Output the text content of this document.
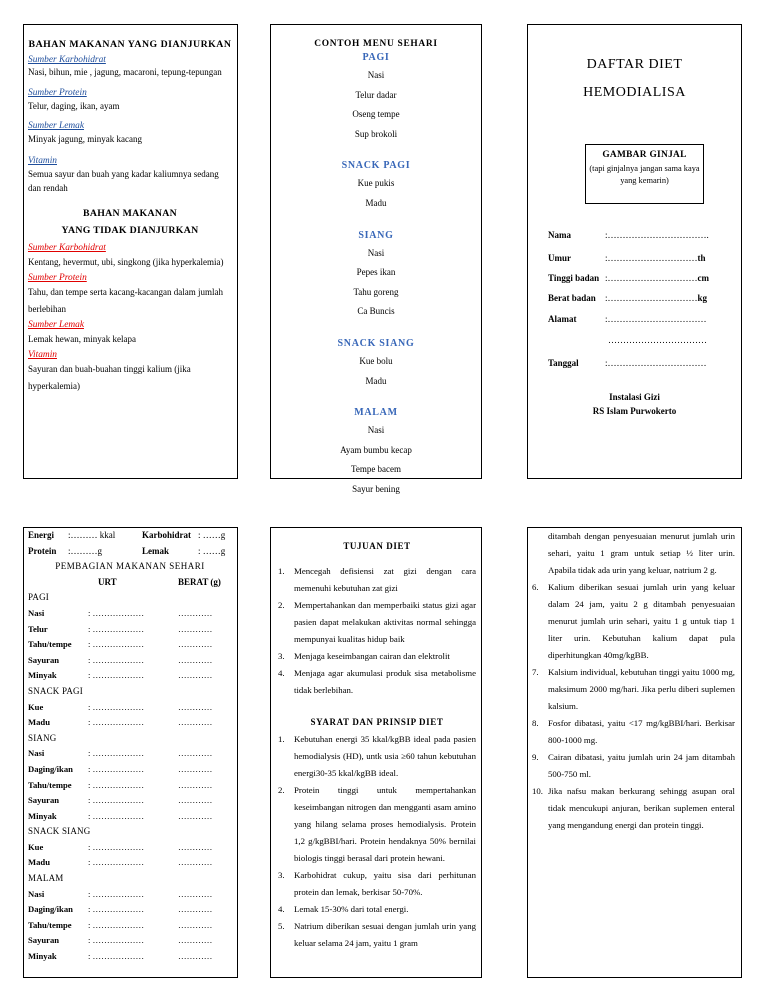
BAHAN MAKANAN YANG DIANJURKAN
Sumber Karbohidrat
Nasi, bihun, mie , jagung, macaroni, tepung-tepungan
Sumber Protein
Telur, daging, ikan, ayam
Sumber Lemak
Minyak jagung, minyak kacang
Vitamin
Semua sayur dan buah yang kadar kaliumnya sedang dan rendah
BAHAN MAKANAN
YANG TIDAK DIANJURKAN
Sumber Karbohidrat
Kentang, hevermut, ubi, singkong (jika hyperkalemia)
Sumber Protein
Tahu, dan tempe serta kacang-kacangan dalam jumlah berlebihan
Sumber Lemak
Lemak hewan, minyak kelapa
Vitamin
Sayuran dan buah-buahan tinggi kalium (jika hyperkalemia)
CONTOH MENU SEHARI
PAGI
Nasi
Telur dadar
Oseng tempe
Sup brokoli
SNACK PAGI
Kue pukis
Madu
SIANG
Nasi
Pepes ikan
Tahu goreng
Ca Buncis
SNACK SIANG
Kue bolu
Madu
MALAM
Nasi
Ayam bumbu kecap
Tempe bacem
Sayur bening
DAFTAR DIET
HEMODIALISA
GAMBAR GINJAL
(tapi ginjalnya jangan sama kaya yang kemarin)
Nama	:…………………………….
Umur	:…………………………th
Tinggi badan :…………………………cm
Berat badan :…………………………kg
Alamat	:……………………………
……………………………
Tanggal	:……………………………
Instalasi Gizi
RS Islam Purwokerto
Energi :……… kkal	Karbohidrat : ……g
Protein :………g	Lemak	: ……g
PEMBAGIAN MAKANAN SEHARI
URT	BERAT (g)
PAGI
Nasi	: ………………	…………
Telur	: ………………	…………
Tahu/tempe : ………………	…………
Sayuran	: ………………	…………
Minyak	: ………………	…………
SNACK PAGI
Kue	: ………………	…………
Madu	: ………………	…………
SIANG
Nasi	: ………………	…………
Daging/ikan : ………………	…………
Tahu/tempe : ………………	…………
Sayuran	: ………………	…………
Minyak	: ………………	…………
SNACK SIANG
Kue	: ………………	…………
Madu	: ………………	…………
MALAM
Nasi	: ………………	…………
Daging/ikan : ………………	…………
Tahu/tempe : ………………	…………
Sayuran	: ………………	…………
Minyak	: ………………	…………
TUJUAN DIET
1. Mencegah defisiensi zat gizi dengan cara memenuhi kebutuhan zat gizi
2. Mempertahankan dan memperbaiki status gizi agar pasien dapat melakukan aktivitas normal sehingga mempunyai kualitas hidup baik
3. Menjaga keseimbangan cairan dan elektrolit
4. Menjaga agar akumulasi produk sisa metabolisme tidak berlebihan.
SYARAT DAN PRINSIP DIET
1. Kebutuhan energi 35 kkal/kgBB ideal pada pasien hemodialysis (HD), untk usia ≥60 tahun kebutuhan energi30-35 kkal/kgBB ideal.
2. Protein tinggi untuk mempertahankan keseimbangan nitrogen dan mengganti asam amino yang hilang selama proses hemodialysis. Protein 1,2 g/kgBBI/hari. Protein hendaknya 50% bernilai biologis tinggi berasal dari protein hewani.
3. Karbohidrat cukup, yaitu sisa dari perhitunan protein dan lemak, berkisar 50-70%.
4. Lemak 15-30% dari total energi.
5. Natrium diberikan sesuai dengan jumlah urin yang keluar selama 24 jam, yaitu 1 gram
ditambah dengan penyesuaian menurut jumlah urin sehari, yaitu 1 gram untuk setiap ½ liter urin. Apabila tidak ada urin yang keluar, natrium 2 g.
6. Kalium diberikan sesuai jumlah urin yang keluar dalam 24 jam, yaitu 2 g ditambah penyesuaian menurut jumlah urin sehari, yaitu 1 g untuk tiap 1 liter urin. Kebutuhan kalium dapat pula diperhitungkan 40mg/kgBB.
7. Kalsium individual, kebutuhan tinggi yaitu 1000 mg, maksimum 2000 mg/hari. Jika perlu diberi suplemen kalsium.
8. Fosfor dibatasi, yaitu <17 mg/kgBBI/hari. Berkisar 800-1000 mg.
9. Cairan dibatasi, yaitu jumlah urin 24 jam ditambah 500-750 ml.
10. Jika nafsu makan berkurang sehingg asupan oral tidak mencukupi anjuran, berikan suplemen enteral yang mengandung energi dan protein tinggi.
